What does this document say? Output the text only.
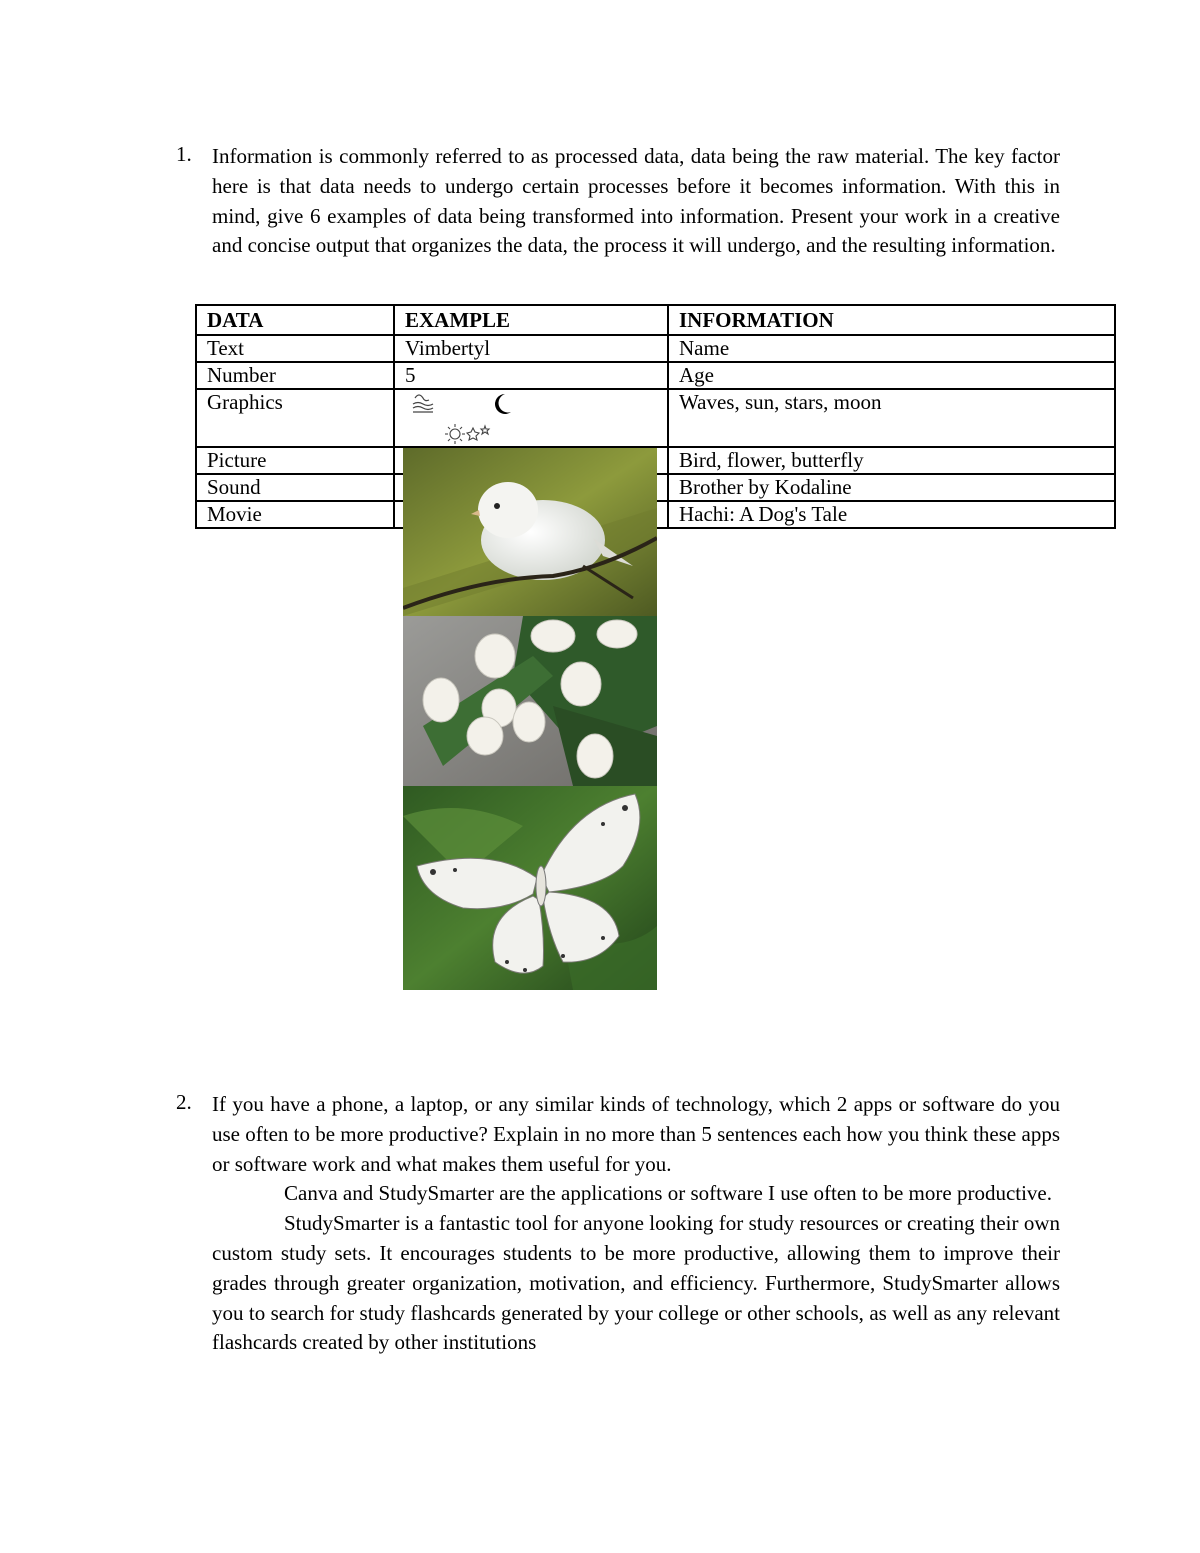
1. Information is commonly referred to as processed data, data being the raw material. The key factor here is that data needs to undergo certain processes before it becomes information. With this in mind, give 6 examples of data being transformed into information. Present your work in a creative and concise output that organizes the data, the process it will undergo, and the resulting information.
DATA	EXAMPLE	INFORMATION
Text	Vimbertyl	Name
Number	5	Age
Graphics		Waves, sun, stars, moon
Picture		Bird, flower, butterfly
Sound		Brother by Kodaline
Movie		Hachi: A Dog's Tale
2. If you have a phone, a laptop, or any similar kinds of technology, which 2 apps or software do you use often to be more productive? Explain in no more than 5 sentences each how you think these apps or software work and what makes them useful for you.
Canva and StudySmarter are the applications or software I use often to be more productive.
StudySmarter is a fantastic tool for anyone looking for study resources or creating their own custom study sets. It encourages students to be more productive, allowing them to improve their grades through greater organization, motivation, and efficiency. Furthermore, StudySmarter allows you to search for study flashcards generated by your college or other schools, as well as any relevant flashcards created by other institutions
